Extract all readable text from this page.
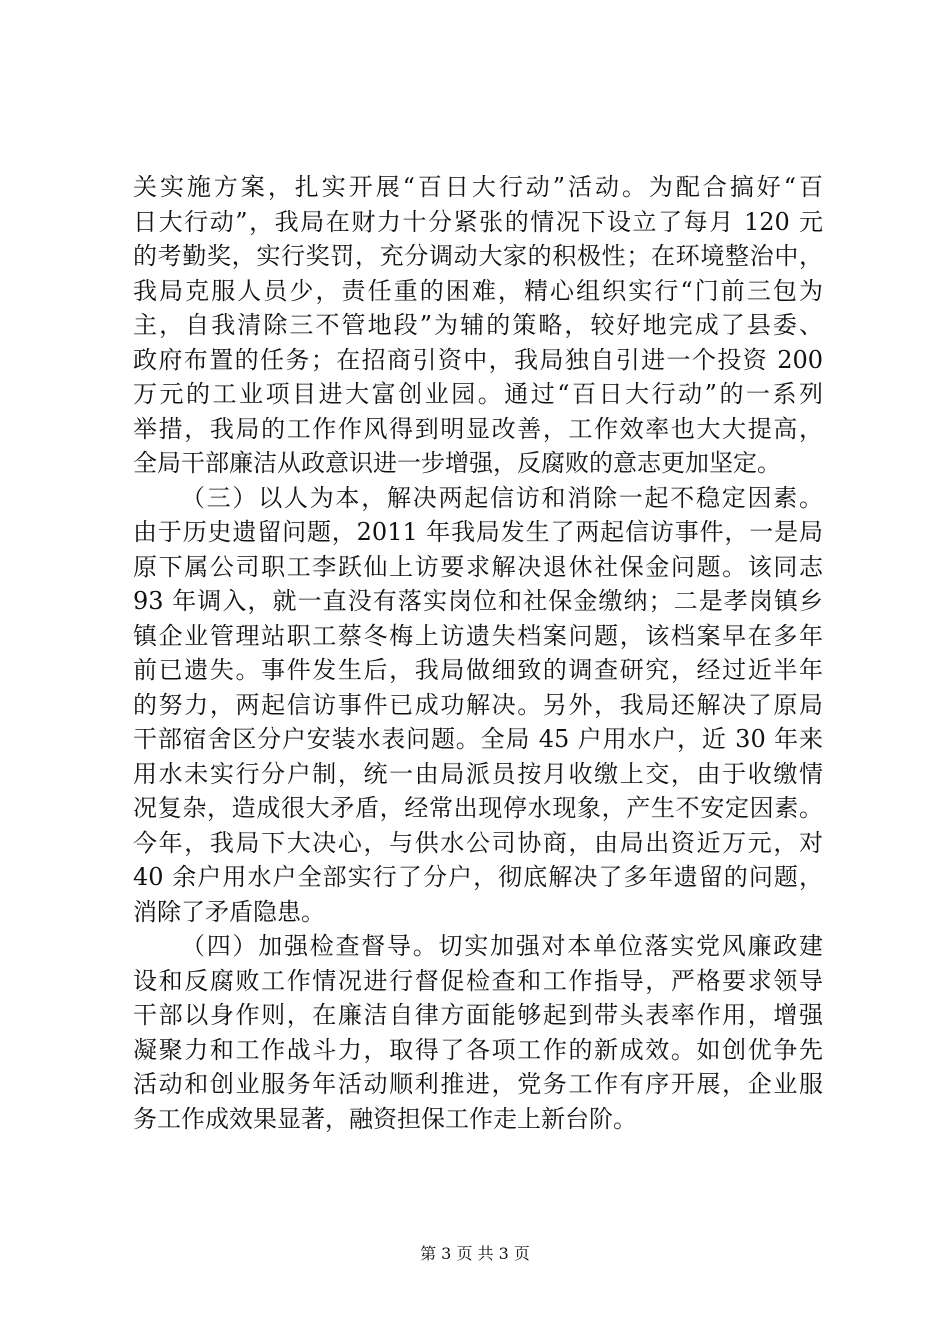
关实施方案，扎实开展“百日大行动”活动。为配合搞好“百
日大行动”，我局在财力十分紧张的情况下设立了每月 120 元
的考勤奖，实行奖罚，充分调动大家的积极性；在环境整治中，
我局克服人员少，责任重的困难，精心组织实行“门前三包为
主，自我清除三不管地段”为辅的策略，较好地完成了县委、
政府布置的任务；在招商引资中，我局独自引进一个投资 200
万元的工业项目进大富创业园。通过“百日大行动”的一系列
举措，我局的工作作风得到明显改善，工作效率也大大提高，
全局干部廉洁从政意识进一步增强，反腐败的意志更加坚定。
（三）以人为本，解决两起信访和消除一起不稳定因素。
由于历史遗留问题，2011 年我局发生了两起信访事件，一是局
原下属公司职工李跃仙上访要求解决退休社保金问题。该同志
93 年调入，就一直没有落实岗位和社保金缴纳；二是孝岗镇乡
镇企业管理站职工蔡冬梅上访遗失档案问题，该档案早在多年
前已遗失。事件发生后，我局做细致的调查研究，经过近半年
的努力，两起信访事件已成功解决。另外，我局还解决了原局
干部宿舍区分户安装水表问题。全局 45 户用水户，近 30 年来
用水未实行分户制，统一由局派员按月收缴上交，由于收缴情
况复杂，造成很大矛盾，经常出现停水现象，产生不安定因素。
今年，我局下大决心，与供水公司协商，由局出资近万元，对
40 余户用水户全部实行了分户，彻底解决了多年遗留的问题，
消除了矛盾隐患。
（四）加强检查督导。切实加强对本单位落实党风廉政建
设和反腐败工作情况进行督促检查和工作指导，严格要求领导
干部以身作则，在廉洁自律方面能够起到带头表率作用，增强
凝聚力和工作战斗力，取得了各项工作的新成效。如创优争先
活动和创业服务年活动顺利推进，党务工作有序开展，企业服
务工作成效果显著，融资担保工作走上新台阶。
第 3 页 共 3 页
